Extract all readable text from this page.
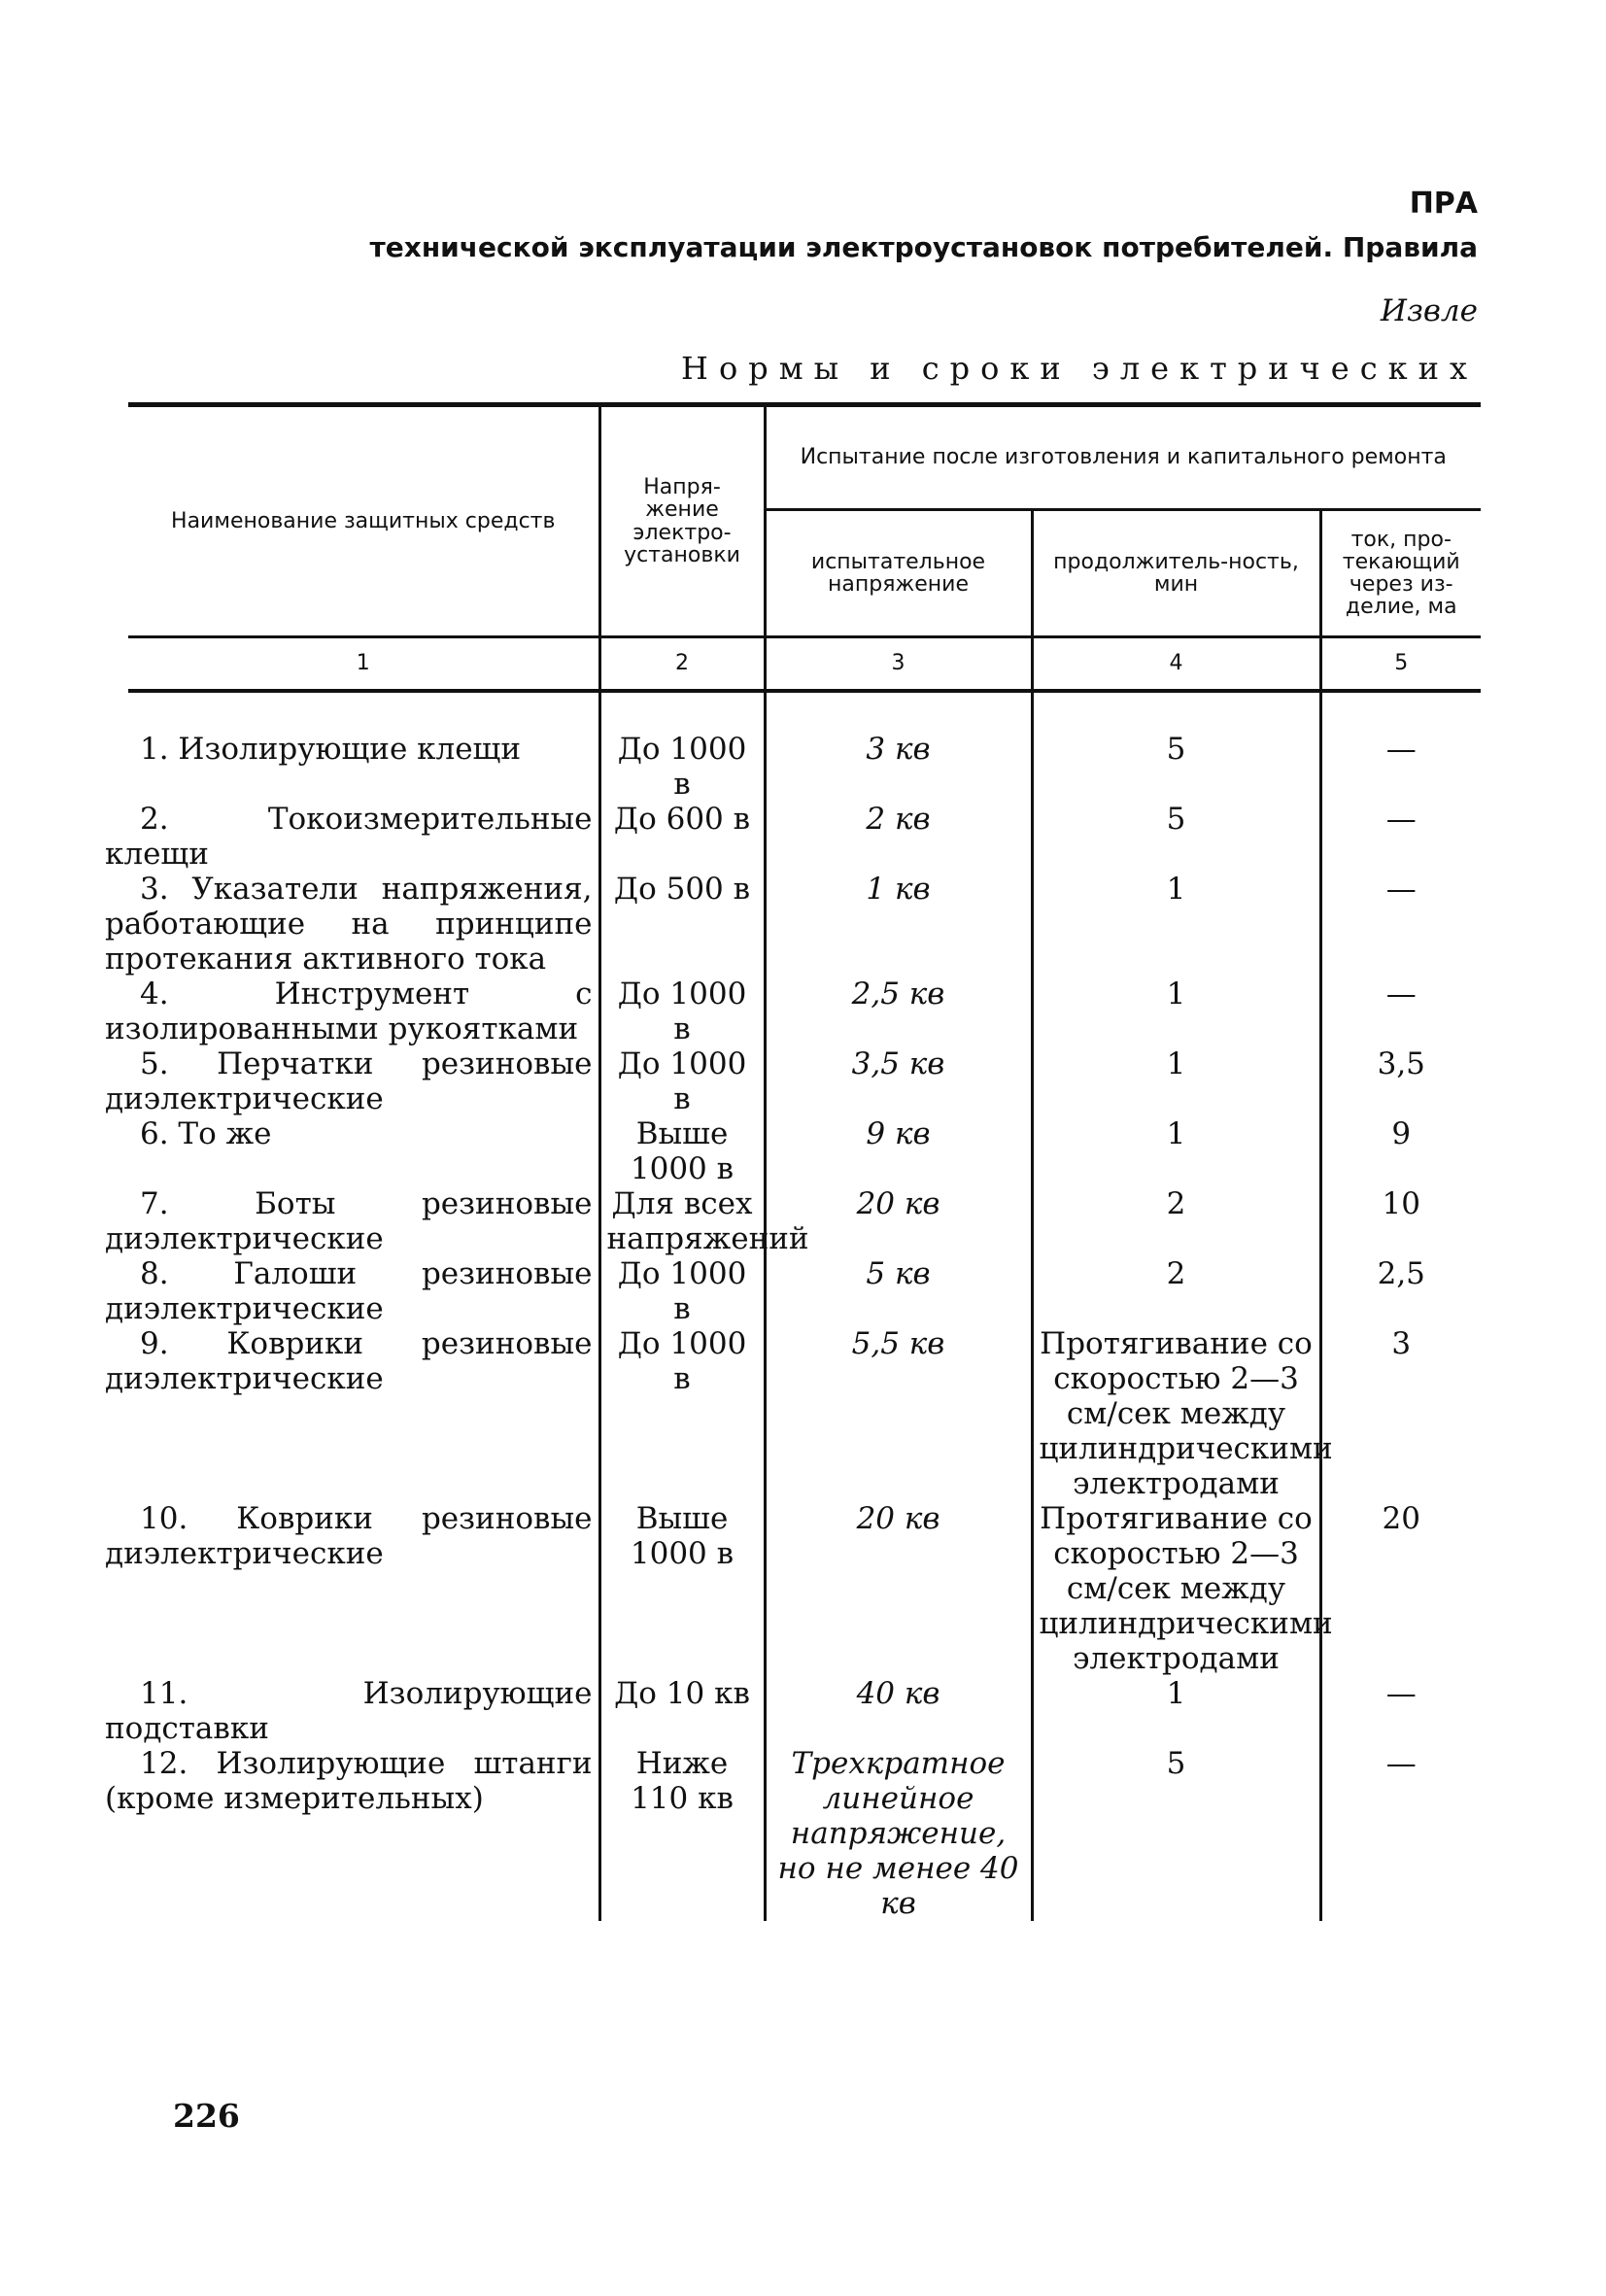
ПРА
технической эксплуатации электроустановок потребителей. Правила
Извле
Нормы и сроки электрических
Наименование защитных средств	Напря-жение электро-установки	Испытание после изготовления и капитального ремонта		
		испытательное напряжение	продолжитель-ность, мин	ток, про-текающий через из-делие, ма
1	2	3	4	5

1. Изолирующие клещи	До 1000 в	3 кв	5	—

2. Токоизмерительные клещи	До 600 в	2 кв	5	—

3. Указатели напряжения, работающие на принципе протекания активного тока	До 500 в	1 кв	1	—

4. Инструмент с изолированными рукоятками	До 1000 в	2,5 кв	1	—

5. Перчатки резиновые диэлектрические	До 1000 в	3,5 кв	1	3,5

6. То же	Выше 1000 в	9 кв	1	9

7. Боты резиновые диэлектрические	Для всех напряжений	20 кв	2	10

8. Галоши резиновые диэлектрические	До 1000 в	5 кв	2	2,5

9. Коврики резиновые диэлектрические	До 1000 в	5,5 кв	Протягивание со скоростью 2—3 см/сек между цилиндрическими электродами	3

10. Коврики резиновые диэлектрические	Выше 1000 в	20 кв	Протягивание со скоростью 2—3 см/сек между цилиндрическими электродами	20

11. Изолирующие подставки	До 10 кв	40 кв	1	—

12. Изолирующие штанги (кроме измерительных)	Ниже 110 кв	Трехкратное линейное напряжение, но не менее 40 кв	5	—
226
